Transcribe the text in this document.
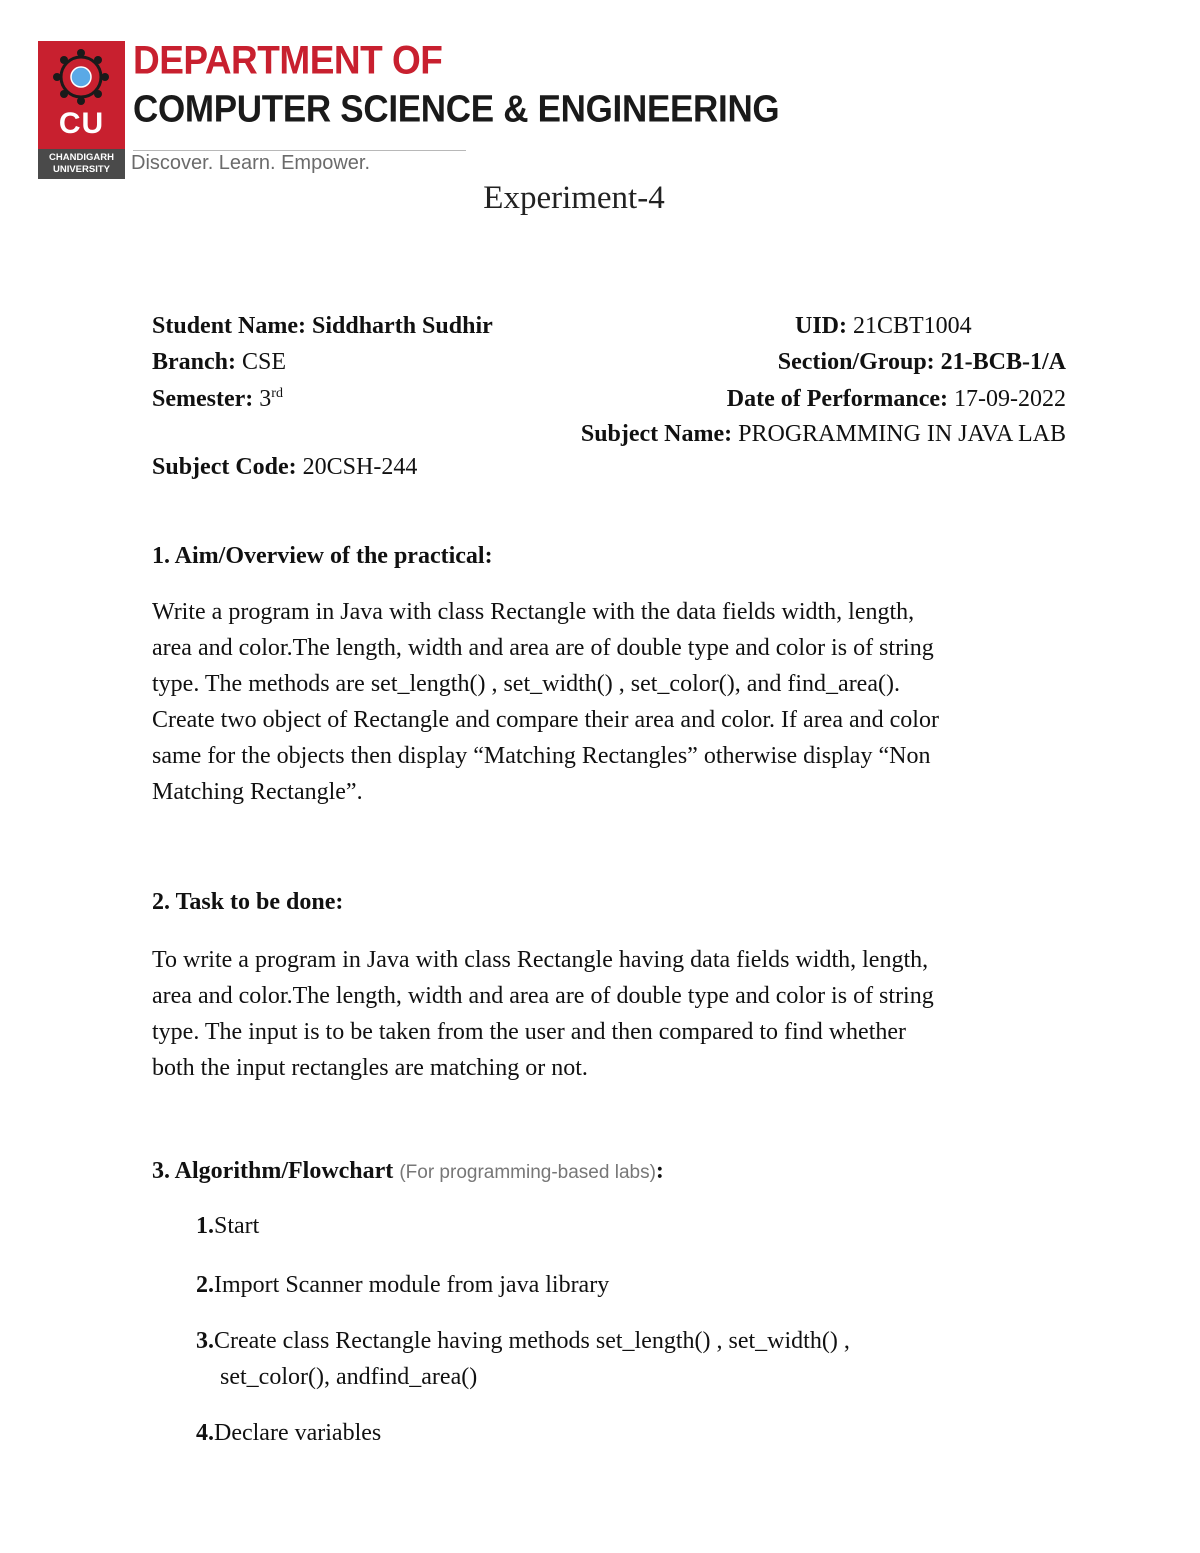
CU
CHANDIGARH
UNIVERSITY
DEPARTMENT OF
COMPUTER SCIENCE & ENGINEERING
Discover. Learn. Empower.
Experiment-4
Student Name: Siddharth Sudhir	UID: 21CBT1004
Branch: CSE	Section/Group: 21-BCB-1/A
Semester: 3rd	Date of Performance: 17-09-2022
Subject Name: PROGRAMMING IN JAVA LAB
Subject Code: 20CSH-244
1. Aim/Overview of the practical:
Write a program in Java with class Rectangle with the data fields width, length,
area and color.The length, width and area are of double type and color is of string
type. The methods are set_length() , set_width() , set_color(), and find_area().
Create two object of Rectangle and compare their area and color. If area and color
same for the objects then display “Matching Rectangles” otherwise display “Non
Matching Rectangle”.
2. Task to be done:
To write a program in Java with class Rectangle having data fields width, length,
area and color.The length, width and area are of double type and color is of string
type. The input is to be taken from the user and then compared to find whether
both the input rectangles are matching or not.
3. Algorithm/Flowchart (For programming-based labs):
1.Start
2.Import Scanner module from java library
3.Create class Rectangle having methods set_length() , set_width() ,
set_color(), andfind_area()
4.Declare variables
